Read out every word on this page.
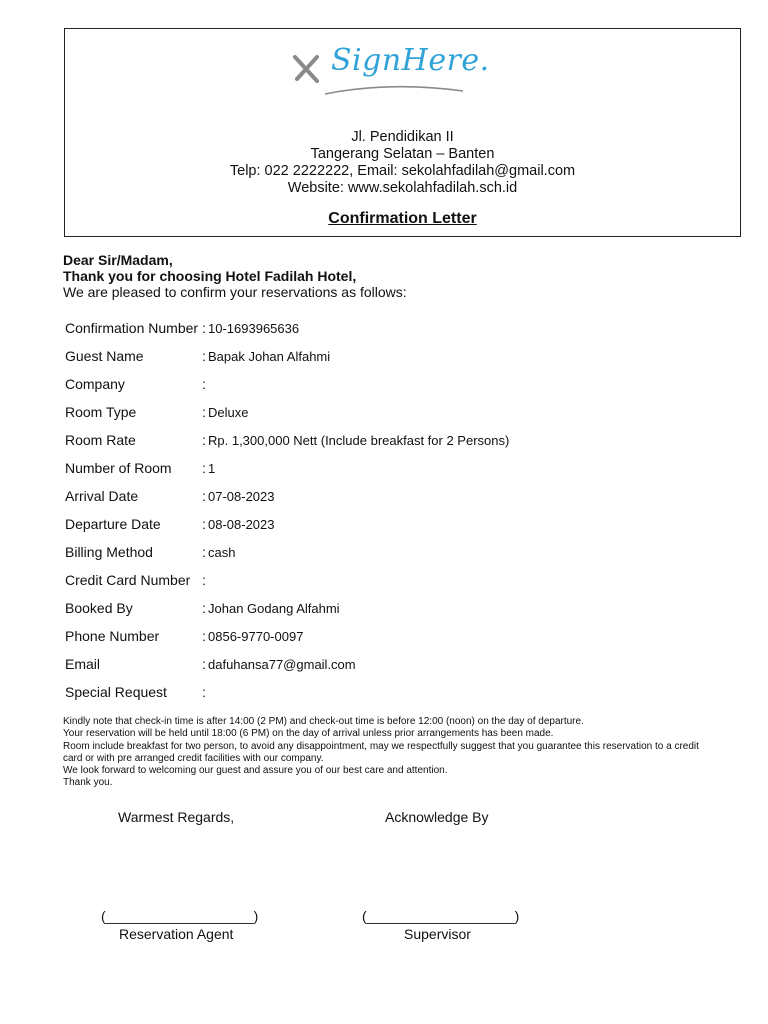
SignHere.
Jl. Pendidikan II
Tangerang Selatan – Banten
Telp: 022 2222222, Email: sekolahfadilah@gmail.com
Website: www.sekolahfadilah.sch.id
Confirmation Letter
Dear Sir/Madam,
Thank you for choosing Hotel Fadilah Hotel,
We are pleased to confirm your reservations as follows:
Confirmation Number : 10-1693965636
Guest Name	: Bapak Johan Alfahmi
Company	:
Room Type	: Deluxe
Room Rate	: Rp. 1,300,000 Nett (Include breakfast for 2 Persons)
Number of Room : 1
Arrival Date	: 07-08-2023
Departure Date	: 08-08-2023
Billing Method	: cash
Credit Card Number :
Booked By	: Johan Godang Alfahmi
Phone Number	: 0856-9770-0097
Email	: dafuhansa77@gmail.com
Special Request	:
Kindly note that check-in time is after 14:00 (2 PM) and check-out time is before 12:00 (noon) on the day of departure.
Your reservation will be held until 18:00 (6 PM) on the day of arrival unless prior arrangements has been made.
Room include breakfast for two person, to avoid any disappointment, may we respectfully suggest that you guarantee this reservation to a credit
card or with pre arranged credit facilities with our company.
We look forward to welcoming our guest and assure you of our best care and attention.
Thank you.
Warmest Regards,	Acknowledge By
(___________________)	(___________________)
Reservation Agent	Supervisor
